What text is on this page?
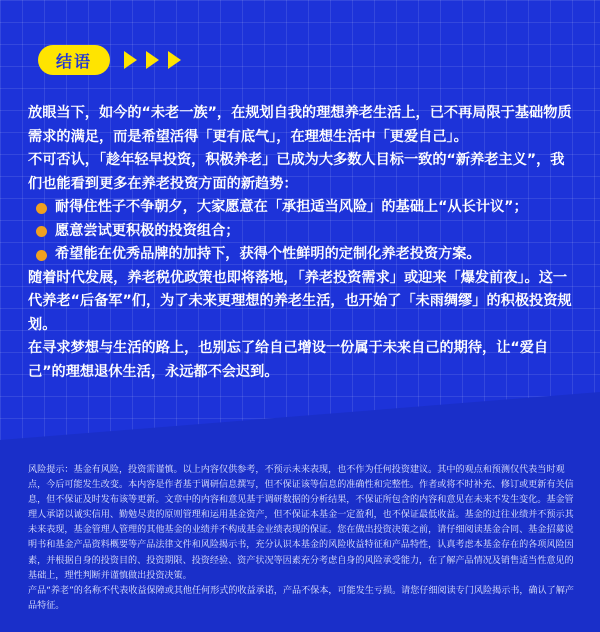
结语

放眼当下，如今的“未老一族”，在规划自我的理想养老生活上，已不再局限于基础物质需求的满足，而是希望活得「更有底气」，在理想生活中「更爱自己」。

不可否认，「趁年轻早投资，积极养老」已成为大多数人目标一致的“新养老主义”，我们也能看到更多在养老投资方面的新趋势：

耐得住性子不争朝夕，大家愿意在「承担适当风险」的基础上“从长计议”；
愿意尝试更积极的投资组合；
希望能在优秀品牌的加持下，获得个性鲜明的定制化养老投资方案。

随着时代发展，养老税优政策也即将落地，「养老投资需求」或迎来「爆发前夜」。这一代养老“后备军”们，为了未来更理想的养老生活，也开始了「未雨绸缪」的积极投资规划。

在寻求梦想与生活的路上，也别忘了给自己增设一份属于未来自己的期待，让“爱自己”的理想退休生活，永远都不会迟到。

风险提示：基金有风险，投资需谨慎。以上内容仅供参考，不预示未来表现，也不作为任何投资建议。其中的观点和预测仅代表当时观点，今后可能发生改变。本内容是作者基于调研信息撰写，但不保证该等信息的准确性和完整性。作者或将不时补充、修订或更新有关信息，但不保证及时发布该等更新。文章中的内容和意见基于调研数据的分析结果，不保证所包含的内容和意见在未来不发生变化。基金管理人承诺以诚实信用、勤勉尽责的原则管理和运用基金资产，但不保证本基金一定盈利，也不保证最低收益。基金的过往业绩并不预示其未来表现，基金管理人管理的其他基金的业绩并不构成基金业绩表现的保证。您在做出投资决策之前，请仔细阅读基金合同、基金招募说明书和基金产品资料概要等产品法律文件和风险揭示书，充分认识本基金的风险收益特征和产品特性，认真考虑本基金存在的各项风险因素，并根据自身的投资目的、投资期限、投资经验、资产状况等因素充分考虑自身的风险承受能力，在了解产品情况及销售适当性意见的基础上，理性判断并谨慎做出投资决策。

产品“养老”的名称不代表收益保障或其他任何形式的收益承诺，产品不保本，可能发生亏损。请您仔细阅读专门风险揭示书，确认了解产品特征。
